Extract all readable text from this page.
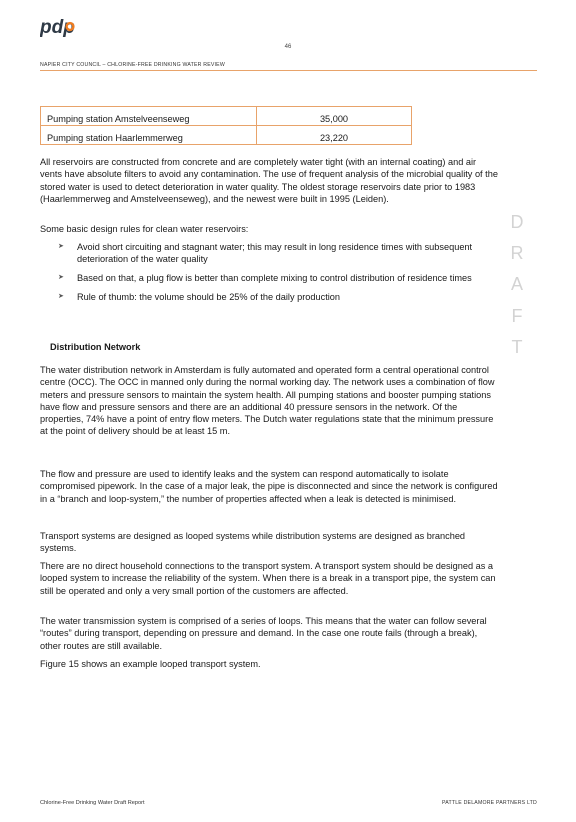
pdp
46
NAPIER CITY COUNCIL – CHLORINE-FREE DRINKING WATER REVIEW
Pumping station Amstelveenseweg	35,000
Pumping station Haarlemmerweg	23,220

All reservoirs are constructed from concrete and are completely water tight (with an internal coating) and air vents have absolute filters to avoid any contamination. The use of frequent analysis of the microbial quality of the stored water is used to detect deterioration in water quality. The oldest storage reservoirs date prior to 1983 (Haarlemmerweg and Amstelveenseweg), and the newest were built in 1995 (Leiden).

Some basic design rules for clean water reservoirs:

➤ Avoid short circuiting and stagnant water; this may result in long residence times with subsequent deterioration of the water quality
➤ Based on that, a plug flow is better than complete mixing to control distribution of residence times
➤ Rule of thumb: the volume should be 25% of the daily production
Distribution Network

The water distribution network in Amsterdam is fully automated and operated form a central operational control centre (OCC). The OCC in manned only during the normal working day. The network uses a combination of flow meters and pressure sensors to maintain the system health. All pumping stations and booster pumping stations have flow and pressure sensors and there are an additional 40 pressure sensors in the network. Of the properties, 74% have a point of entry flow meters. The Dutch water regulations state that the minimum pressure at the point of delivery should be at least 15 m.

The flow and pressure are used to identify leaks and the system can respond automatically to isolate compromised pipework. In the case of a major leak, the pipe is disconnected and since the network is configured in a “branch and loop-system,” the number of properties affected when a leak is detected is minimised.

Transport systems are designed as looped systems while distribution systems are designed as branched systems.

There are no direct household connections to the transport system. A transport system should be designed as a looped system to increase the reliability of the system. When there is a break in a transport pipe, the system can still be operated and only a very small portion of the customers are affected.

The water transmission system is comprised of a series of loops. This means that the water can follow several “routes” during transport, depending on pressure and demand. In the case one route fails (through a break), other routes are still available.

Figure 15 shows an example looped transport system.

D
R
A
F
T
Chlorine-Free Drinking Water Draft Report	PATTLE DELAMORE PARTNERS LTD
